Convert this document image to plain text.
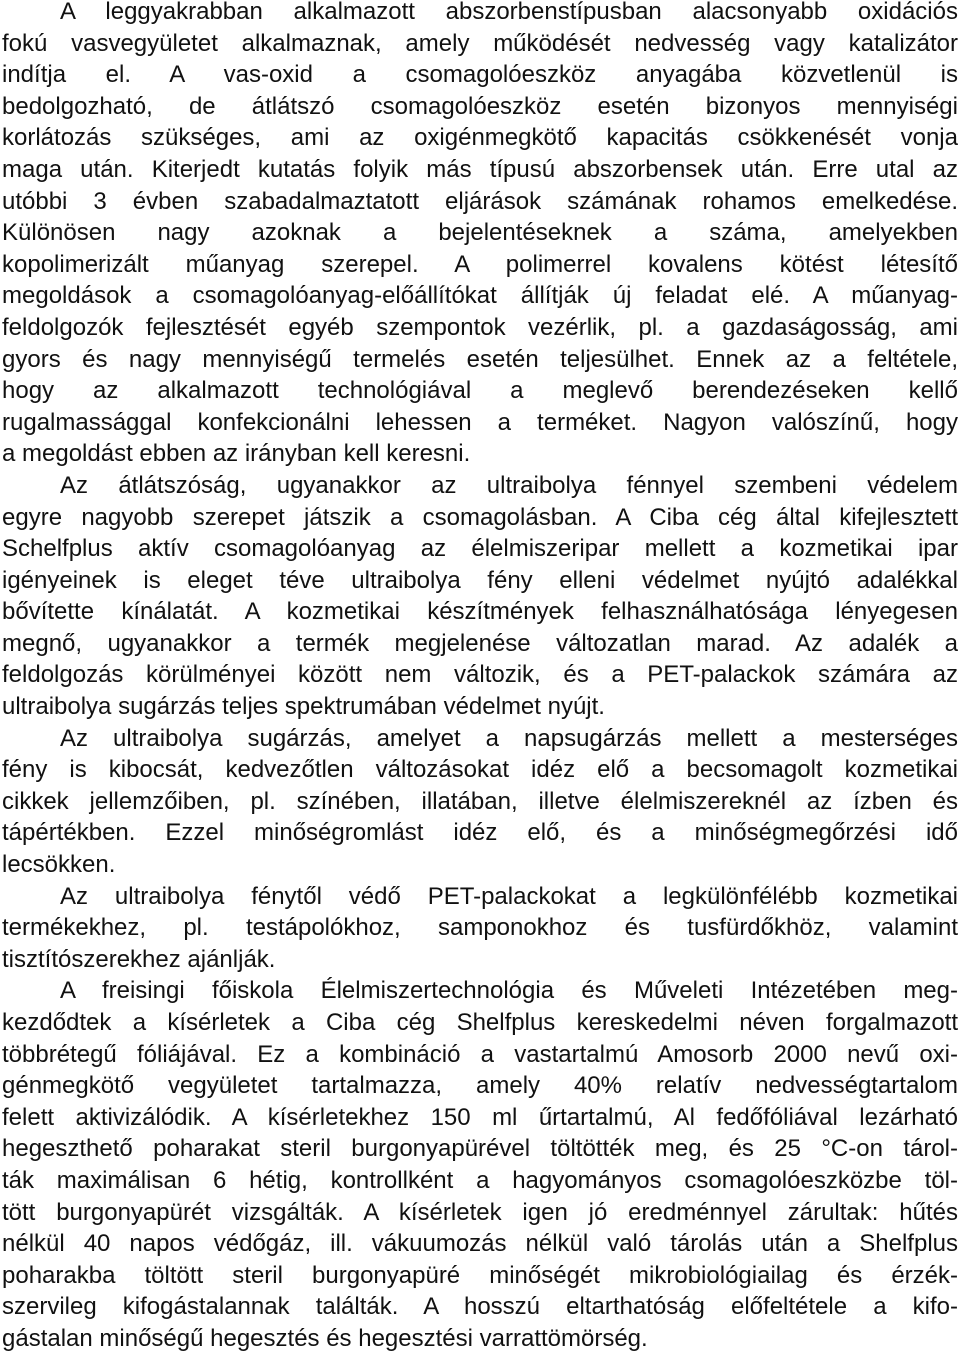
A leggyakrabban alkalmazott abszorbenstípusban alacsonyabb oxidációs
fokú vasvegyületet alkalmaznak, amely működését nedvesség vagy katalizátor
indítja el. A vas-oxid a csomagolóeszköz anyagába közvetlenül is
bedolgozható, de átlátszó csomagolóeszköz esetén bizonyos mennyiségi
korlátozás szükséges, ami az oxigénmegkötő kapacitás csökkenését vonja
maga után. Kiterjedt kutatás folyik más típusú abszorbensek után. Erre utal az
utóbbi 3 évben szabadalmaztatott eljárások számának rohamos emelkedése.
Különösen nagy azoknak a bejelentéseknek a száma, amelyekben
kopolimerizált műanyag szerepel. A polimerrel kovalens kötést létesítő
megoldások a csomagolóanyag-előállítókat állítják új feladat elé. A műanyag-
feldolgozók fejlesztését egyéb szempontok vezérlik, pl. a gazdaságosság, ami
gyors és nagy mennyiségű termelés esetén teljesülhet. Ennek az a feltétele,
hogy az alkalmazott technológiával a meglevő berendezéseken kellő
rugalmassággal konfekcionálni lehessen a terméket. Nagyon valószínű, hogy
a megoldást ebben az irányban kell keresni.
Az átlátszóság, ugyanakkor az ultraibolya fénnyel szembeni védelem
egyre nagyobb szerepet játszik a csomagolásban. A Ciba cég által kifejlesztett
Schelfplus aktív csomagolóanyag az élelmiszeripar mellett a kozmetikai ipar
igényeinek is eleget téve ultraibolya fény elleni védelmet nyújtó adalékkal
bővítette kínálatát. A kozmetikai készítmények felhasználhatósága lényegesen
megnő, ugyanakkor a termék megjelenése változatlan marad. Az adalék a
feldolgozás körülményei között nem változik, és a PET-palackok számára az
ultraibolya sugárzás teljes spektrumában védelmet nyújt.
Az ultraibolya sugárzás, amelyet a napsugárzás mellett a mesterséges
fény is kibocsát, kedvezőtlen változásokat idéz elő a becsomagolt kozmetikai
cikkek jellemzőiben, pl. színében, illatában, illetve élelmiszereknél az ízben és
tápértékben. Ezzel minőségromlást idéz elő, és a minőségmegőrzési idő
lecsökken.
Az ultraibolya fénytől védő PET-palackokat a legkülönfélébb kozmetikai
termékekhez, pl. testápolókhoz, samponokhoz és tusfürdőkhöz, valamint
tisztítószerekhez ajánlják.
A freisingi főiskola Élelmiszertechnológia és Műveleti Intézetében meg-
kezdődtek a kísérletek a Ciba cég Shelfplus kereskedelmi néven forgalmazott
többrétegű fóliájával. Ez a kombináció a vastartalmú Amosorb 2000 nevű oxi-
génmegkötő vegyületet tartalmazza, amely 40% relatív nedvességtartalom
felett aktivizálódik. A kísérletekhez 150 ml űrtartalmú, Al fedőfóliával lezárható
hegeszthető poharakat steril burgonyapürével töltötték meg, és 25 °C-on tárol-
ták maximálisan 6 hétig, kontrollként a hagyományos csomagolóeszközbe töl-
tött burgonyapürét vizsgálták. A kísérletek igen jó eredménnyel zárultak: hűtés
nélkül 40 napos védőgáz, ill. vákuumozás nélkül való tárolás után a Shelfplus
poharakba töltött steril burgonyapüré minőségét mikrobiológiailag és érzék-
szervileg kifogástalannak találták. A hosszú eltarthatóság előfeltétele a kifo-
gástalan minőségű hegesztés és hegesztési varrattömörség.
